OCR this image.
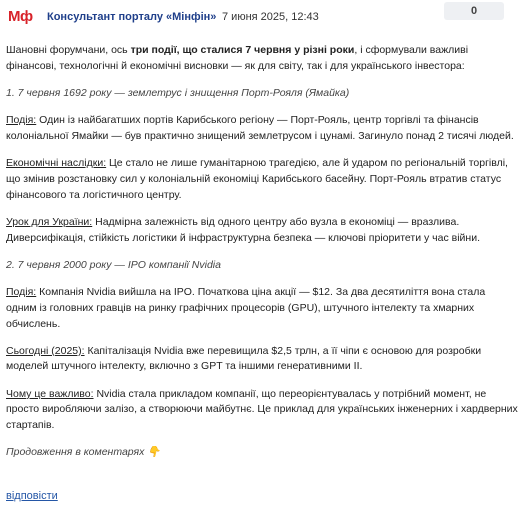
Мф Консультант порталу «Мінфін» 7 июня 2025, 12:43	0

Шановні форумчани, ось три події, що сталися 7 червня у різні роки, і сформували важливі фінансові, технологічні й економічні висновки — як для світу, так і для українського інвестора:

1. 7 червня 1692 року — землетрус і знищення Порт-Рояля (Ямайка)

Подія: Один із найбагатших портів Карибського регіону — Порт-Рояль, центр торгівлі та фінансів колоніальної Ямайки — був практично знищений землетрусом і цунамі. Загинуло понад 2 тисячі людей.

Економічні наслідки: Це стало не лише гуманітарною трагедією, але й ударом по регіональній торгівлі, що змінив розстановку сил у колоніальній економіці Карибського басейну. Порт-Рояль втратив статус фінансового та логістичного центру.

Урок для України: Надмірна залежність від одного центру або вузла в економіці — вразлива. Диверсифікація, стійкість логістики й інфраструктурна безпека — ключові пріоритети у час війни.

2. 7 червня 2000 року — IPO компанії Nvidia

Подія: Компанія Nvidia вийшла на IPO. Початкова ціна акції — $12. За два десятиліття вона стала одним із головних гравців на ринку графічних процесорів (GPU), штучного інтелекту та хмарних обчислень.

Сьогодні (2025): Капіталізація Nvidia вже перевищила $2,5 трлн, а її чіпи є основою для розробки моделей штучного інтелекту, включно з GPT та іншими генеративними ІІ.

Чому це важливо: Nvidia стала прикладом компанії, що переорієнтувалась у потрібний момент, не просто виробляючи залізо, а створюючи майбутнє. Це приклад для українських інженерних і хардверних стартапів.

Продовження в коментарях 👇

відповісти
